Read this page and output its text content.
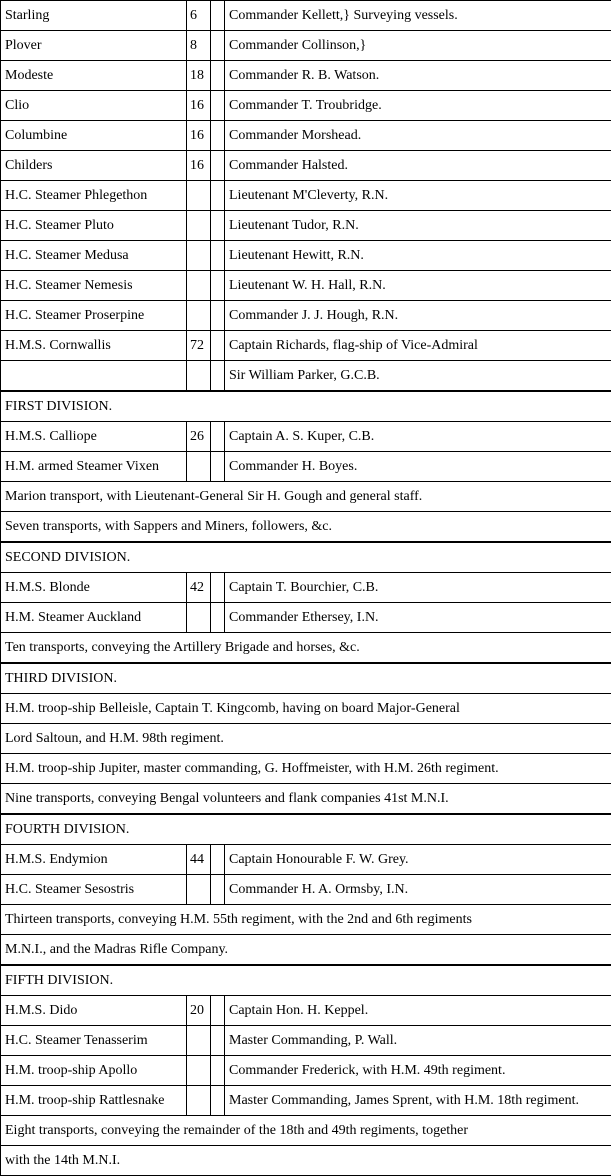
Starling	6		Commander Kellett,} Surveying vessels.
Plover	8		Commander Collinson,}
Modeste	18		Commander R. B. Watson.
Clio	16		Commander T. Troubridge.
Columbine	16		Commander Morshead.
Childers	16		Commander Halsted.
H.C. Steamer Phlegethon			Lieutenant M'Cleverty, R.N.
H.C. Steamer Pluto			Lieutenant Tudor, R.N.
H.C. Steamer Medusa			Lieutenant Hewitt, R.N.
H.C. Steamer Nemesis			Lieutenant W. H. Hall, R.N.
H.C. Steamer Proserpine			Commander J. J. Hough, R.N.
H.M.S. Cornwallis	72		Captain Richards, flag-ship of Vice-Admiral
			Sir William Parker, G.C.B.
FIRST DIVISION.			
H.M.S. Calliope	26		Captain A. S. Kuper, C.B.
H.M. armed Steamer Vixen			Commander H. Boyes.
Marion transport, with Lieutenant-General Sir H. Gough and general staff.			
Seven transports, with Sappers and Miners, followers, &c.			
SECOND DIVISION.			
H.M.S. Blonde	42		Captain T. Bourchier, C.B.
H.M. Steamer Auckland			Commander Ethersey, I.N.
Ten transports, conveying the Artillery Brigade and horses, &c.			
THIRD DIVISION.			
H.M. troop-ship Belleisle, Captain T. Kingcomb, having on board Major-General			
Lord Saltoun, and H.M. 98th regiment.			
H.M. troop-ship Jupiter, master commanding, G. Hoffmeister, with H.M. 26th regiment.			
Nine transports, conveying Bengal volunteers and flank companies 41st M.N.I.			
FOURTH DIVISION.			
H.M.S. Endymion	44		Captain Honourable F. W. Grey.
H.C. Steamer Sesostris			Commander H. A. Ormsby, I.N.
Thirteen transports, conveying H.M. 55th regiment, with the 2nd and 6th regiments			
M.N.I., and the Madras Rifle Company.			
FIFTH DIVISION.			
H.M.S. Dido	20		Captain Hon. H. Keppel.
H.C. Steamer Tenasserim			Master Commanding, P. Wall.
H.M. troop-ship Apollo			Commander Frederick, with H.M. 49th regiment.
H.M. troop-ship Rattlesnake			Master Commanding, James Sprent, with H.M. 18th regiment.
Eight transports, conveying the remainder of the 18th and 49th regiments, together			
with the 14th M.N.I.			
